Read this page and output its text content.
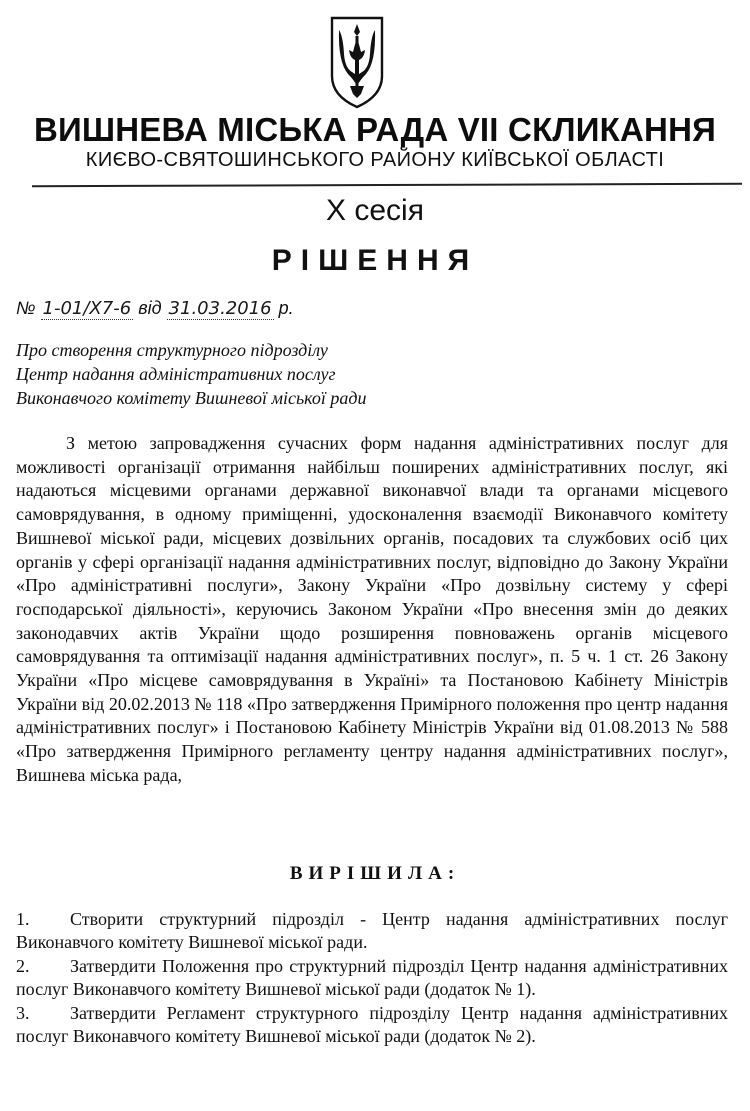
ВИШНЕВА МІСЬКА РАДА VII СКЛИКАННЯ
КИЄВО-СВЯТОШИНСЬКОГО РАЙОНУ КИЇВСЬКОЇ ОБЛАСТІ
X сесія
РІШЕННЯ
№ 1-01/X7-6 від 31.03.2016 р.
Про створення структурного підрозділу
Центр надання адміністративних послуг
Виконавчого комітету Вишневої міської ради
З метою запровадження сучасних форм надання адміністративних послуг для можливості організації отримання найбільш поширених адміністративних послуг, які надаються місцевими органами державної виконавчої влади та органами місцевого самоврядування, в одному приміщенні, удосконалення взаємодії Виконавчого комітету Вишневої міської ради, місцевих дозвільних органів, посадових та службових осіб цих органів у сфері організації надання адміністративних послуг, відповідно до Закону України «Про адміністративні послуги», Закону України «Про дозвільну систему у сфері господарської діяльності», керуючись Законом України «Про внесення змін до деяких законодавчих актів України щодо розширення повноважень органів місцевого самоврядування та оптимізації надання адміністративних послуг», п. 5 ч. 1 ст. 26 Закону України «Про місцеве самоврядування в Україні» та Постановою Кабінету Міністрів України від 20.02.2013 № 118 «Про затвердження Примірного положення про центр надання адміністративних послуг» і Постановою Кабінету Міністрів України від 01.08.2013 № 588 «Про затвердження Примірного регламенту центру надання адміністративних послуг», Вишнева міська рада,
ВИРІШИЛА:
1. Створити структурний підрозділ - Центр надання адміністративних послуг Виконавчого комітету Вишневої міської ради.
2. Затвердити Положення про структурний підрозділ Центр надання адміністративних послуг Виконавчого комітету Вишневої міської ради (додаток № 1).
3. Затвердити Регламент структурного підрозділу Центр надання адміністративних послуг Виконавчого комітету Вишневої міської ради (додаток № 2).
